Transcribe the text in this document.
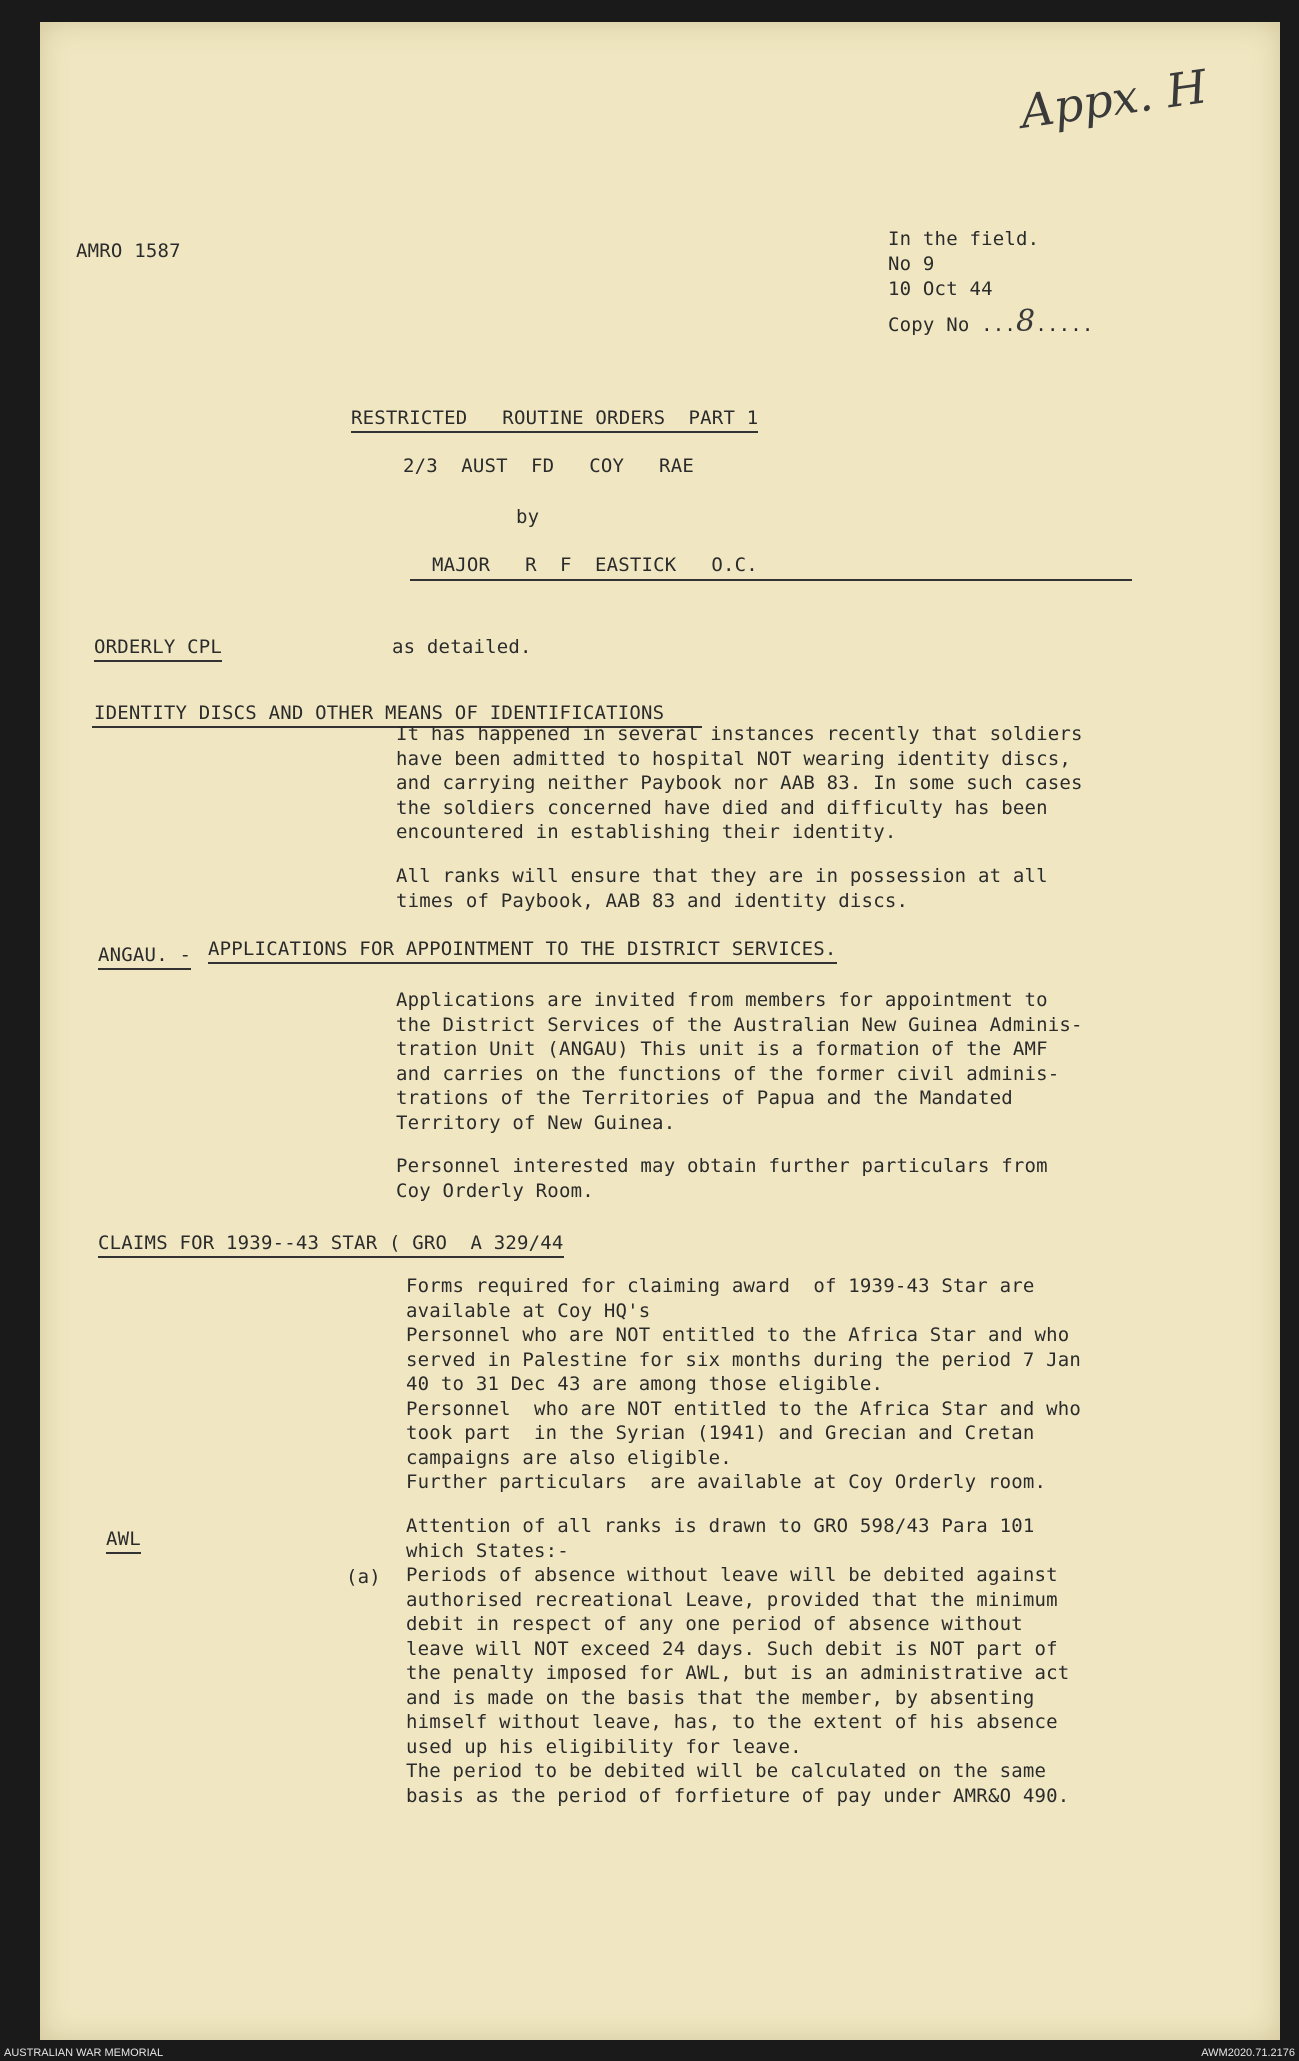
Appx. H
AMRO 1587
In the field.
No 9
10 Oct 44
Copy No ...8.....
RESTRICTED   ROUTINE ORDERS  PART 1
2/3  AUST  FD   COY   RAE
by
MAJOR   R  F  EASTICK   O.C.
ORDERLY CPL	as detailed.
IDENTITY DISCS AND OTHER MEANS OF IDENTIFICATIONS
It has happened in several instances recently that soldiers
have been admitted to hospital NOT wearing identity discs,
and carrying neither Paybook nor AAB 83. In some such cases
the soldiers concerned have died and difficulty has been
encountered in establishing their identity.
All ranks will ensure that they are in possession at all
times of Paybook, AAB 83 and identity discs.
ANGAU. - APPLICATIONS FOR APPOINTMENT TO THE DISTRICT SERVICES.
Applications are invited from members for appointment to
the District Services of the Australian New Guinea Adminis-
tration Unit (ANGAU) This unit is a formation of the AMF
and carries on the functions of the former civil adminis-
trations of the Territories of Papua and the Mandated
Territory of New Guinea.
Personnel interested may obtain further particulars from
Coy Orderly Room.
CLAIMS FOR 1939--43 STAR ( GRO  A 329/44
Forms required for claiming award  of 1939-43 Star are
available at Coy HQ's
Personnel who are NOT entitled to the Africa Star and who
served in Palestine for six months during the period 7 Jan
40 to 31 Dec 43 are among those eligible.
Personnel  who are NOT entitled to the Africa Star and who
took part  in the Syrian (1941) and Grecian and Cretan
campaigns are also eligible.
Further particulars  are available at Coy Orderly room.
AWL
Attention of all ranks is drawn to GRO 598/43 Para 101
which States:-
(a) Periods of absence without leave will be debited against
authorised recreational Leave, provided that the minimum
debit in respect of any one period of absence without
leave will NOT exceed 24 days. Such debit is NOT part of
the penalty imposed for AWL, but is an administrative act
and is made on the basis that the member, by absenting
himself without leave, has, to the extent of his absence
used up his eligibility for leave.
The period to be debited will be calculated on the same
basis as the period of forfieture of pay under AMR&O 490.
AUSTRALIAN WAR MEMORIAL	AWM2020.71.2176
